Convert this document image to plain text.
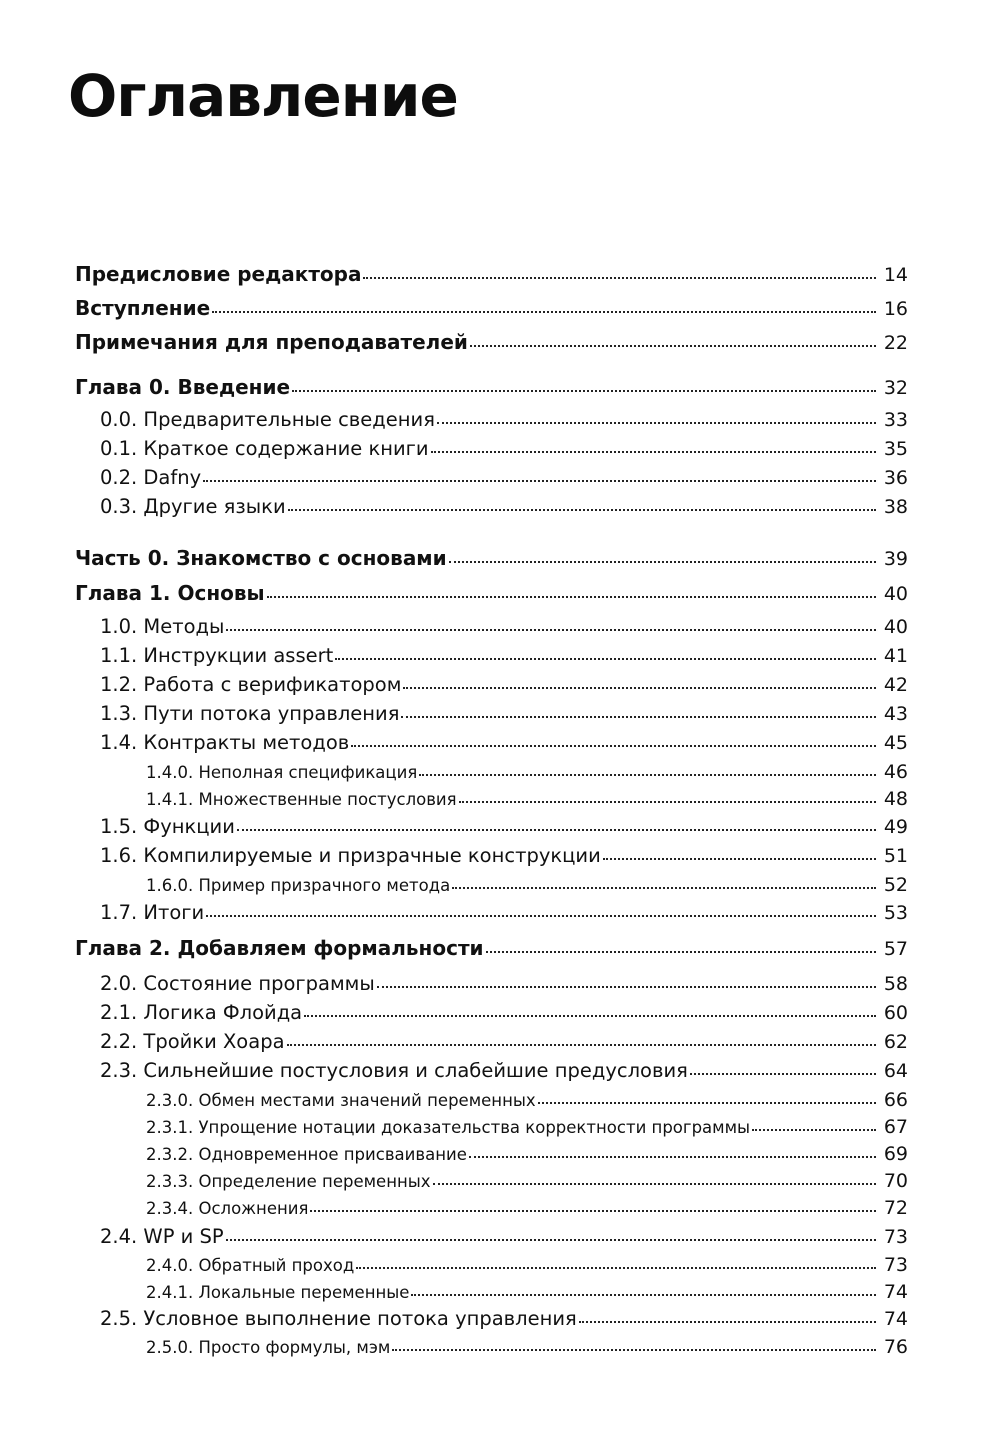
Оглавление
Предисловие редактора	14
Вступление	16
Примечания для преподавателей	22
Глава 0. Введение	32
0.0. Предварительные сведения	33
0.1. Краткое содержание книги	35
0.2. Dafny	36
0.3. Другие языки	38
Часть 0. Знакомство с основами	39
Глава 1. Основы	40
1.0. Методы	40
1.1. Инструкции assert	41
1.2. Работа с верификатором	42
1.3. Пути потока управления	43
1.4. Контракты методов	45
1.4.0. Неполная спецификация	46
1.4.1. Множественные постусловия	48
1.5. Функции	49
1.6. Компилируемые и призрачные конструкции	51
1.6.0. Пример призрачного метода	52
1.7. Итоги	53
Глава 2. Добавляем формальности	57
2.0. Состояние программы	58
2.1. Логика Флойда	60
2.2. Тройки Хоара	62
2.3. Сильнейшие постусловия и слабейшие предусловия	64
2.3.0. Обмен местами значений переменных	66
2.3.1. Упрощение нотации доказательства корректности программы	67
2.3.2. Одновременное присваивание	69
2.3.3. Определение переменных	70
2.3.4. Осложнения	72
2.4. WP и SP	73
2.4.0. Обратный проход	73
2.4.1. Локальные переменные	74
2.5. Условное выполнение потока управления	74
2.5.0. Просто формулы, мэм	76
